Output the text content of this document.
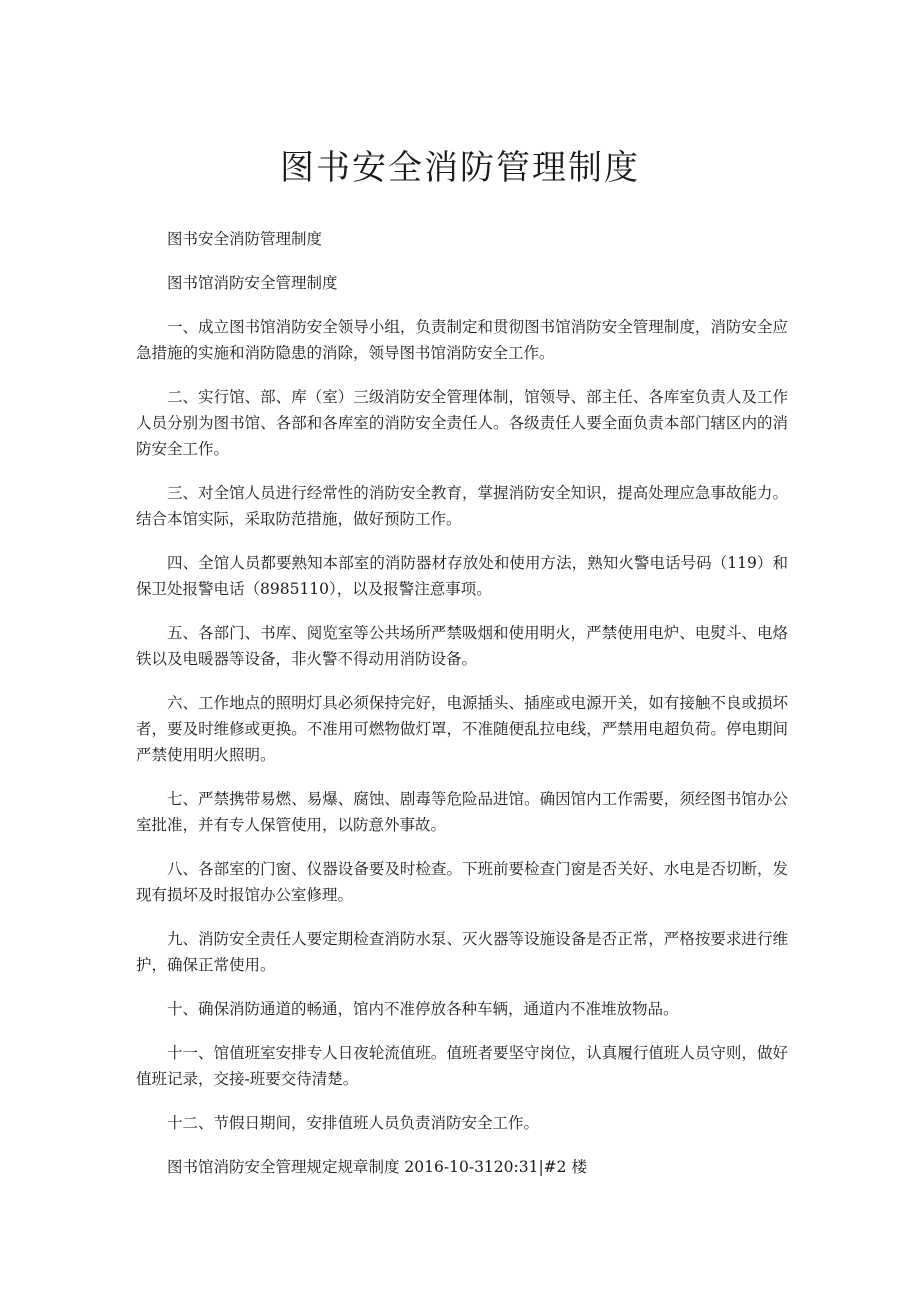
图书安全消防管理制度

图书安全消防管理制度

图书馆消防安全管理制度

一、成立图书馆消防安全领导小组，负责制定和贯彻图书馆消防安全管理制度，消防安全应急措施的实施和消防隐患的消除，领导图书馆消防安全工作。

二、实行馆、部、库（室）三级消防安全管理体制，馆领导、部主任、各库室负责人及工作人员分别为图书馆、各部和各库室的消防安全责任人。各级责任人要全面负责本部门辖区内的消防安全工作。

三、对全馆人员进行经常性的消防安全教育，掌握消防安全知识，提高处理应急事故能力。结合本馆实际，采取防范措施，做好预防工作。

四、全馆人员都要熟知本部室的消防器材存放处和使用方法，熟知火警电话号码（119）和保卫处报警电话（8985110），以及报警注意事项。

五、各部门、书库、阅览室等公共场所严禁吸烟和使用明火，严禁使用电炉、电熨斗、电烙铁以及电暖器等设备，非火警不得动用消防设备。

六、工作地点的照明灯具必须保持完好，电源插头、插座或电源开关，如有接触不良或损坏者，要及时维修或更换。不准用可燃物做灯罩，不准随便乱拉电线，严禁用电超负荷。停电期间严禁使用明火照明。

七、严禁携带易燃、易爆、腐蚀、剧毒等危险品进馆。确因馆内工作需要，须经图书馆办公室批准，并有专人保管使用，以防意外事故。

八、各部室的门窗、仪器设备要及时检查。下班前要检查门窗是否关好、水电是否切断，发现有损坏及时报馆办公室修理。

九、消防安全责任人要定期检查消防水泵、灭火器等设施设备是否正常，严格按要求进行维护，确保正常使用。

十、确保消防通道的畅通，馆内不准停放各种车辆，通道内不准堆放物品。

十一、馆值班室安排专人日夜轮流值班。值班者要坚守岗位，认真履行值班人员守则，做好值班记录，交接-班要交待清楚。

十二、节假日期间，安排值班人员负责消防安全工作。

图书馆消防安全管理规定规章制度 2016-10-3120:31|#2 楼
